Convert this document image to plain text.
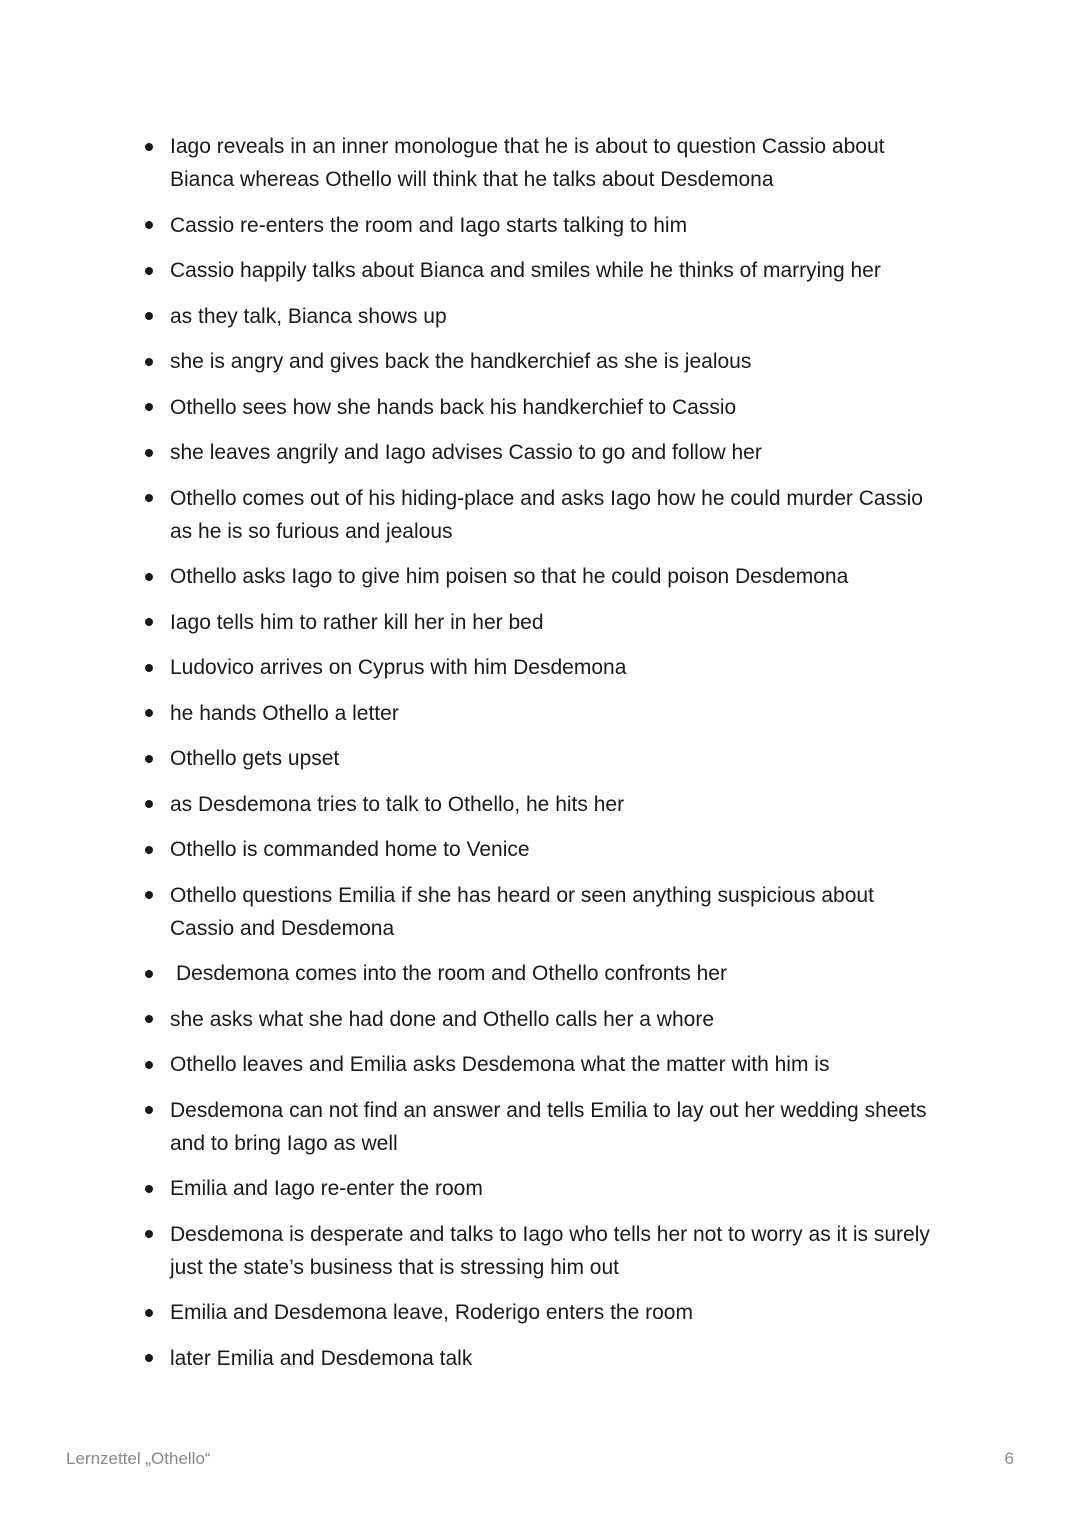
Iago reveals in an inner monologue that he is about to question Cassio about Bianca whereas Othello will think that he talks about Desdemona
Cassio re-enters the room and Iago starts talking to him
Cassio happily talks about Bianca and smiles while he thinks of marrying her
as they talk, Bianca shows up
she is angry and gives back the handkerchief as she is jealous
Othello sees how she hands back his handkerchief to Cassio
she leaves angrily and Iago advises Cassio to go and follow her
Othello comes out of his hiding-place and asks Iago how he could murder Cassio as he is so furious and jealous
Othello asks Iago to give him poisen so that he could poison Desdemona
Iago tells him to rather kill her in her bed
Ludovico arrives on Cyprus with him Desdemona
he hands Othello a letter
Othello gets upset
as Desdemona tries to talk to Othello, he hits her
Othello is commanded home to Venice
Othello questions Emilia if she has heard or seen anything suspicious about Cassio and Desdemona
Desdemona comes into the room and Othello confronts her
she asks what she had done and Othello calls her a whore
Othello leaves and Emilia asks Desdemona what the matter with him is
Desdemona can not find an answer and tells Emilia to lay out her wedding sheets and to bring Iago as well
Emilia and Iago re-enter the room
Desdemona is desperate and talks to Iago who tells her not to worry as it is surely just the state’s business that is stressing him out
Emilia and Desdemona leave, Roderigo enters the room
later Emilia and Desdemona talk
Lernzettel „Othello“	6
